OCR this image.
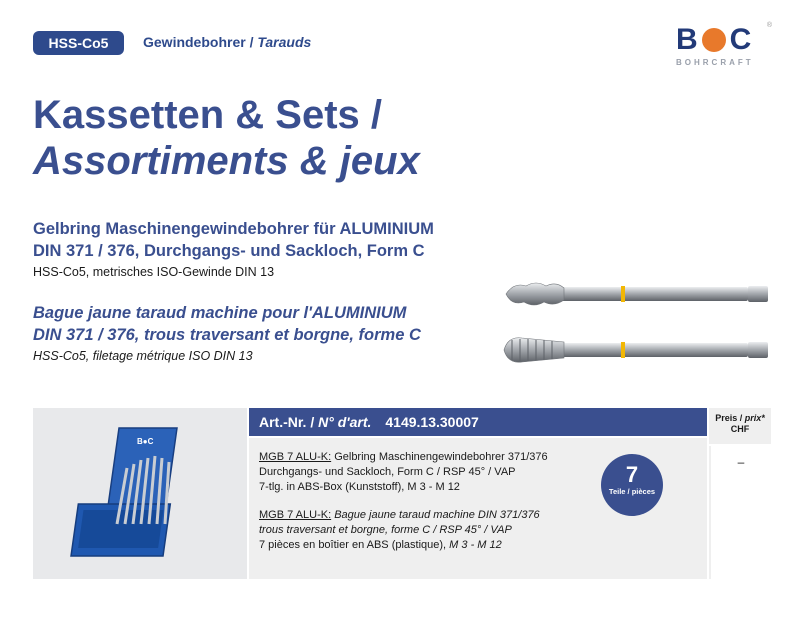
HSS-Co5	Gewindebohrer / Tarauds	B C
BOHRCRAFT
®
Kassetten & Sets /
Assortiments & jeux
Gelbring Maschinengewindebohrer für ALUMINIUM
DIN 371 / 376, Durchgangs- und Sackloch, Form C
HSS-Co5, metrisches ISO-Gewinde DIN 13
Bague jaune taraud machine pour l'ALUMINIUM
DIN 371 / 376, trous traversant et borgne, forme C
HSS-Co5, filetage métrique ISO DIN 13
B●C
Art.-Nr. / N° d'art. 4149.13.30007	Preis / prix*
CHF
MGB 7 ALU-K: Gelbring Maschinengewindebohrer 371/376
Durchgangs- und Sackloch, Form C / RSP 45° / VAP
7-tlg. in ABS-Box (Kunststoff), M 3 - M 12
MGB 7 ALU-K: Bague jaune taraud machine DIN 371/376
trous traversant et borgne, forme C / RSP 45° / VAP
7 pièces en boîtier en ABS (plastique), M 3 - M 12
7
Teile / pièces
–
